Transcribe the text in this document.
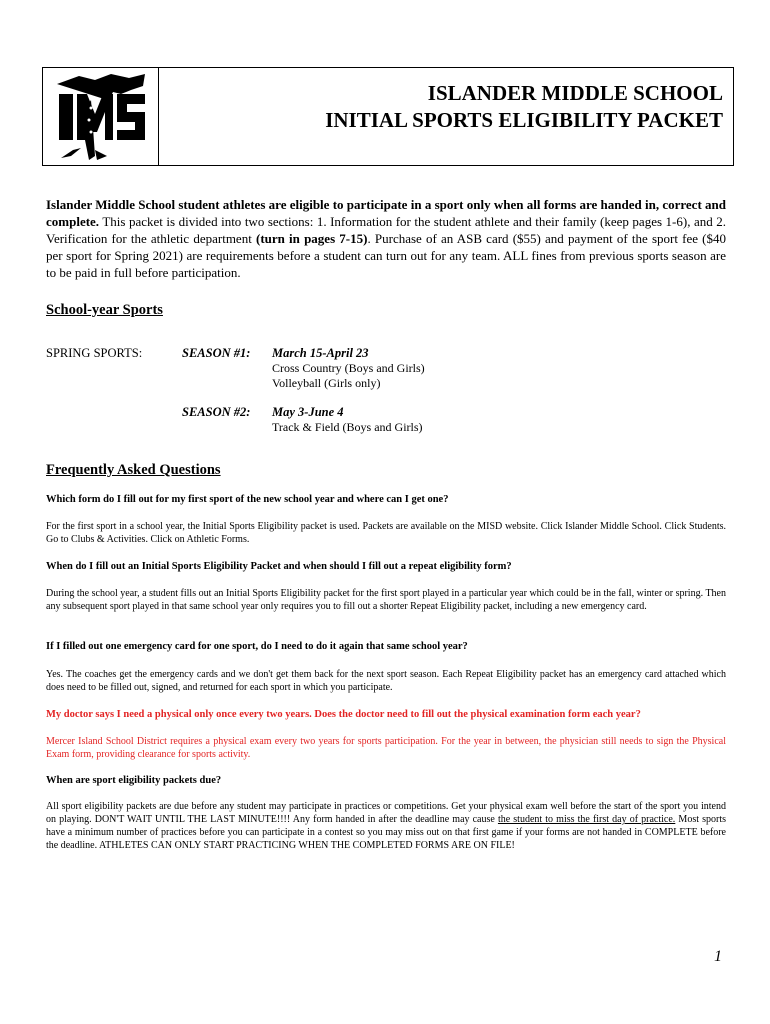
ISLANDER MIDDLE SCHOOL
INITIAL SPORTS ELIGIBILITY PACKET
Islander Middle School student athletes are eligible to participate in a sport only when all forms are handed in, correct and complete. This packet is divided into two sections: 1. Information for the student athlete and their family (keep pages 1-6), and 2. Verification for the athletic department (turn in pages 7-15). Purchase of an ASB card ($55) and payment of the sport fee ($40 per sport for Spring 2021) are requirements before a student can turn out for any team. ALL fines from previous sports season are to be paid in full before participation.
School-year Sports
SPRING SPORTS:	SEASON #1: March 15-April 23
Cross Country (Boys and Girls)
Volleyball (Girls only)
SEASON #2: May 3-June 4
Track & Field (Boys and Girls)
Frequently Asked Questions
Which form do I fill out for my first sport of the new school year and where can I get one?
For the first sport in a school year, the Initial Sports Eligibility packet is used. Packets are available on the MISD website. Click Islander Middle School. Click Students. Go to Clubs & Activities. Click on Athletic Forms.
When do I fill out an Initial Sports Eligibility Packet and when should I fill out a repeat eligibility form?
During the school year, a student fills out an Initial Sports Eligibility packet for the first sport played in a particular year which could be in the fall, winter or spring. Then any subsequent sport played in that same school year only requires you to fill out a shorter Repeat Eligibility packet, including a new emergency card.
If I filled out one emergency card for one sport, do I need to do it again that same school year?
Yes. The coaches get the emergency cards and we don't get them back for the next sport season. Each Repeat Eligibility packet has an emergency card attached which does need to be filled out, signed, and returned for each sport in which you participate.
My doctor says I need a physical only once every two years. Does the doctor need to fill out the physical examination form each year?
Mercer Island School District requires a physical exam every two years for sports participation. For the year in between, the physician still needs to sign the Physical Exam form, providing clearance for sports activity.
When are sport eligibility packets due?
All sport eligibility packets are due before any student may participate in practices or competitions. Get your physical exam well before the start of the sport you intend on playing. DON'T WAIT UNTIL THE LAST MINUTE!!!! Any form handed in after the deadline may cause the student to miss the first day of practice. Most sports have a minimum number of practices before you can participate in a contest so you may miss out on that first game if your forms are not handed in COMPLETE before the deadline. ATHLETES CAN ONLY START PRACTICING WHEN THE COMPLETED FORMS ARE ON FILE!
1
